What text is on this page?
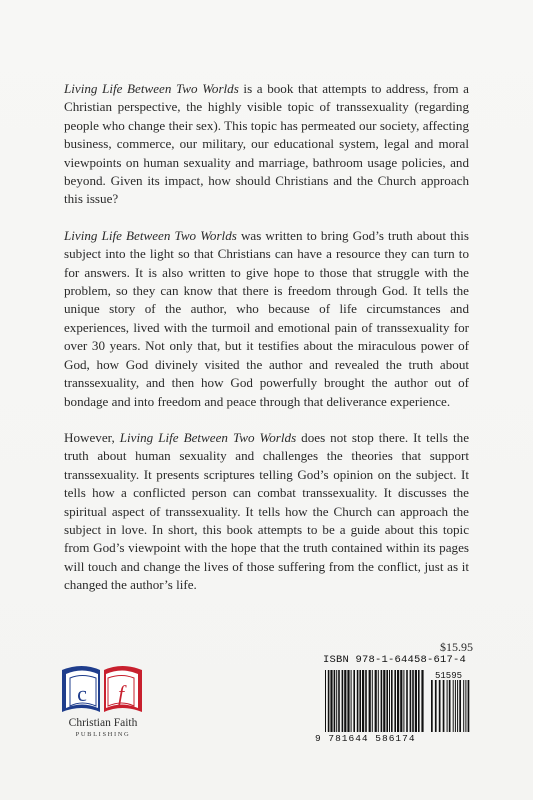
Living Life Between Two Worlds is a book that attempts to address, from a Christian perspective, the highly visible topic of transsexuality (regarding people who change their sex). This topic has permeated our society, affecting business, commerce, our military, our educational system, legal and moral viewpoints on human sexuality and marriage, bathroom usage policies, and beyond. Given its impact, how should Christians and the Church approach this issue?

Living Life Between Two Worlds was written to bring God’s truth about this subject into the light so that Christians can have a resource they can turn to for answers. It is also written to give hope to those that struggle with the problem, so they can know that there is freedom through God. It tells the unique story of the author, who because of life circumstances and experiences, lived with the turmoil and emotional pain of transsexuality for over 30 years. Not only that, but it testifies about the miraculous power of God, how God divinely visited the author and revealed the truth about transsexuality, and then how God powerfully brought the author out of bondage and into freedom and peace through that deliverance experience.

However, Living Life Between Two Worlds does not stop there. It tells the truth about human sexuality and challenges the theories that support transsexuality. It presents scriptures telling God’s opinion on the subject. It tells how a conflicted person can combat transsexuality. It discusses the spiritual aspect of transsexuality. It tells how the Church can approach the subject in love. In short, this book attempts to be a guide about this topic from God’s viewpoint with the hope that the truth contained within its pages will touch and change the lives of those suffering from the conflict, just as it changed the author’s life.

c f
Christian Faith
PUBLISHING
$15.95
ISBN 978-1-64458-617-4
51595
9 781644 586174
